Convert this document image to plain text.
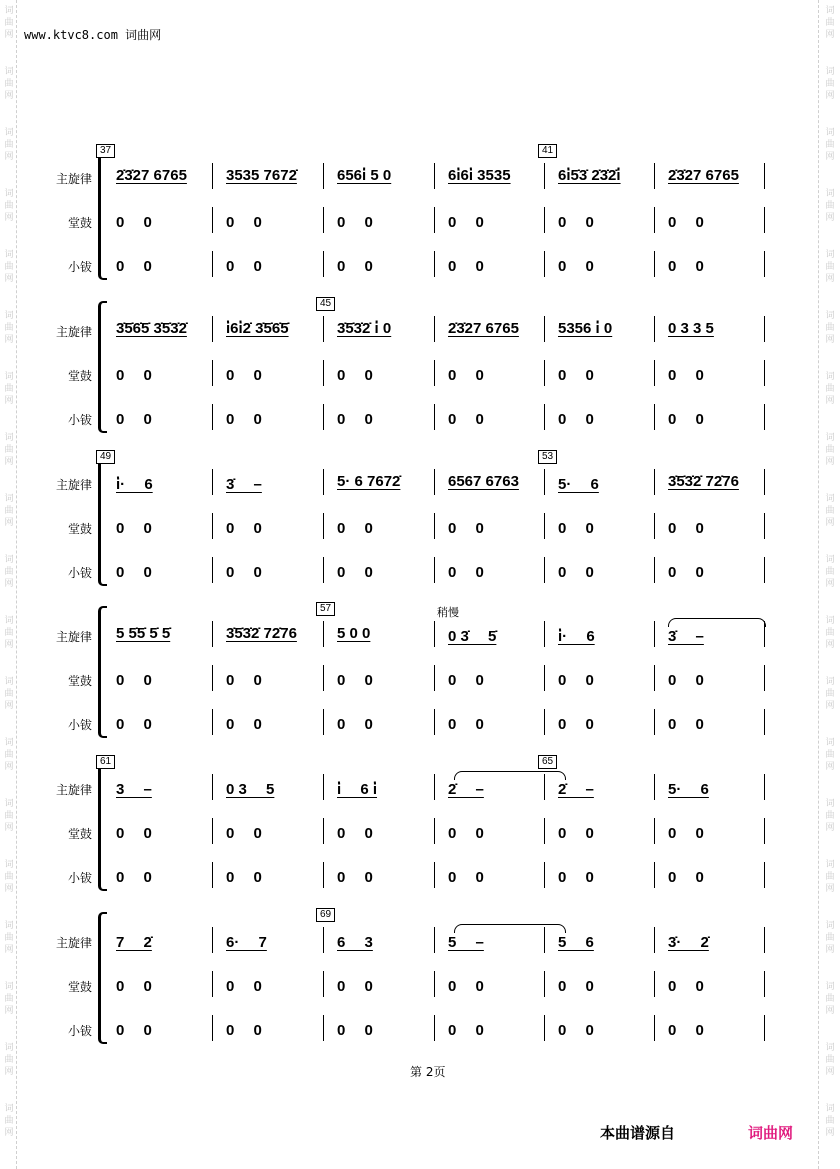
词
曲
网
词
曲
网
词
曲
网
词
曲
网
词
曲
网
词
曲
网
词
曲
网
词
曲
网
词
曲
网
词
曲
网
词
曲
网
词
曲
网
词
曲
网
词
曲
网
词
曲
网
词
曲
网
词
曲
网
词
曲
网
词
曲
网
词
曲
网
词
曲
网
词
曲
网
词
曲
网
词
曲
网
词
曲
网
词
曲
网
词
曲
网
词
曲
网
词
曲
网
词
曲
网
词
曲
网
词
曲
网
词
曲
网
词
曲
网
词
曲
网
词
曲
网
词
曲
网
词
曲
网
www.ktvc8.com 词曲网
主旋律
堂鼓
小钹
37	41
2̇3̇27 6765	3535 7672̇	656i̇ 5 0	6i̇6i̇ 3535	6i̇5̇3̇ 2̇3̇2̇i̇	2̇3̇27 6765
0　 0	0　 0	0　 0	0　 0	0　 0	0　 0
0　 0	0　 0	0　 0	0　 0	0　 0	0　 0
主旋律
堂鼓
小钹
45
3̇5̇6̇5̇ 3̇5̇3̇2̇	i̇6i̇2̇ 3̇5̇6̇5̇	3̇5̇3̇2̇ i̇ 0	2̇3̇27 6765	5356 i̇ 0	0 3 3 5
0　 0	0　 0	0　 0	0　 0	0　 0	0　 0
0　 0	0　 0	0　 0	0　 0	0　 0	0　 0
主旋律
堂鼓
小钹
49	53
i̇·　 6	3̇　 –	5· 6 7672̇	6567 6763	5·　 6	3̇5̇3̇2̇ 72̇76
0　 0	0　 0	0　 0	0　 0	0　 0	0　 0
0　 0	0　 0	0　 0	0　 0	0　 0	0　 0
主旋律
堂鼓
小钹
57	稍慢
5 5̇5̇ 5̇ 5̇	3̇5̇3̇2̇ 72̇76	5 0 0	0 3̇　 5̇	i̇·　 6	3̇　 –
0　 0	0　 0	0　 0	0　 0	0　 0	0　 0
0　 0	0　 0	0　 0	0　 0	0　 0	0　 0
主旋律
堂鼓
小钹
61	65
3　 –	0 3　 5	i̇　 6 i̇	2̇　 –	2̇　 –	5·　 6
0　 0	0　 0	0　 0	0　 0	0　 0	0　 0
0　 0	0　 0	0　 0	0　 0	0　 0	0　 0
主旋律
堂鼓
小钹
69
7　 2̇	6·　 7	6　 3	5　 –	5　 6	3̇·　 2̇
0　 0	0　 0	0　 0	0　 0	0　 0	0　 0
0　 0	0　 0	0　 0	0　 0	0　 0	0　 0
第 2页
本曲谱源自	词曲网
